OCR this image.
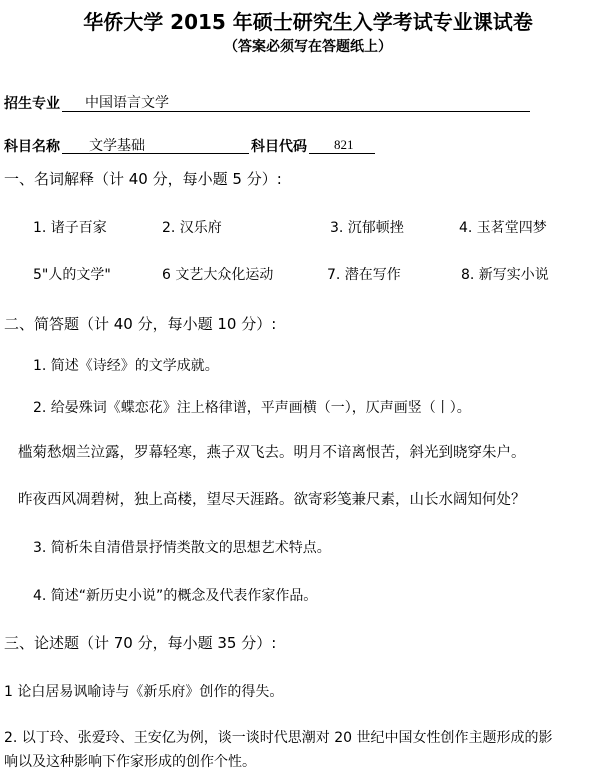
华侨大学 2015 年硕士研究生入学考试专业课试卷
（答案必须写在答题纸上）
招生专业 中国语言文学
科目名称 文学基础	科目代码 821
一、名词解释（计 40 分，每小题 5 分）:
1. 诸子百家	2. 汉乐府	3. 沉郁顿挫	4. 玉茗堂四梦
5"人的文学"	6 文艺大众化运动	7. 潜在写作	8. 新写实小说
二、简答题（计 40 分，每小题 10 分）:
1. 简述《诗经》的文学成就。
2. 给晏殊词《蝶恋花》注上格律谱，平声画横（一），仄声画竖（丨）。
槛菊愁烟兰泣露，罗幕轻寒，燕子双飞去。明月不谙离恨苦，斜光到晓穿朱户。
昨夜西风凋碧树，独上高楼，望尽天涯路。欲寄彩笺兼尺素，山长水阔知何处？
3. 简析朱自清借景抒情类散文的思想艺术特点。
4. 简述“新历史小说”的概念及代表作家作品。
三、论述题（计 70 分，每小题 35 分）:
1 论白居易讽喻诗与《新乐府》创作的得失。
2. 以丁玲、张爱玲、王安亿为例，谈一谈时代思潮对 20 世纪中国女性创作主题形成的影
响以及这种影响下作家形成的创作个性。
